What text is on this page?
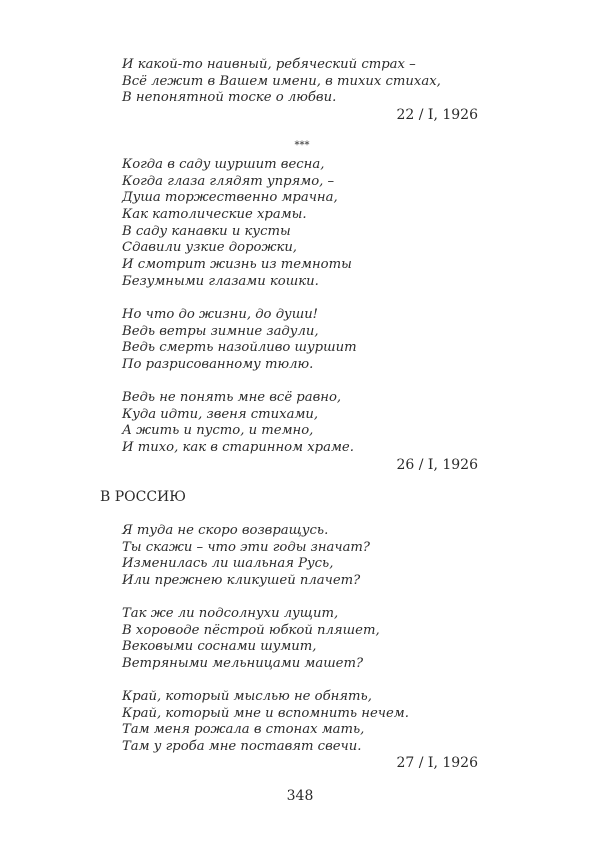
И какой-то наивный, ребяческий страх –
Всё лежит в Вашем имени, в тихих стихах,
В непонятной тоске о любви.
22 / I, 1926
***
Когда в саду шуршит весна,
Когда глаза глядят упрямо, –
Душа торжественно мрачна,
Как католические храмы.
В саду канавки и кусты
Сдавили узкие дорожки,
И смотрит жизнь из темноты
Безумными глазами кошки.
Но что до жизни, до души!
Ведь ветры зимние задули,
Ведь смерть назойливо шуршит
По разрисованному тюлю.
Ведь не понять мне всё равно,
Куда идти, звеня стихами,
А жить и пусто, и темно,
И тихо, как в старинном храме.
26 / I, 1926
В РОССИЮ
Я туда не скоро возвращусь.
Ты скажи – что эти годы значат?
Изменилась ли шальная Русь,
Или прежнею кликушей плачет?
Так же ли подсолнухи лущит,
В хороводе пёстрой юбкой пляшет,
Вековыми соснами шумит,
Ветряными мельницами машет?
Край, который мыслью не обнять,
Край, который мне и вспомнить нечем.
Там меня рожала в стонах мать,
Там у гроба мне поставят свечи.
27 / I, 1926
348
